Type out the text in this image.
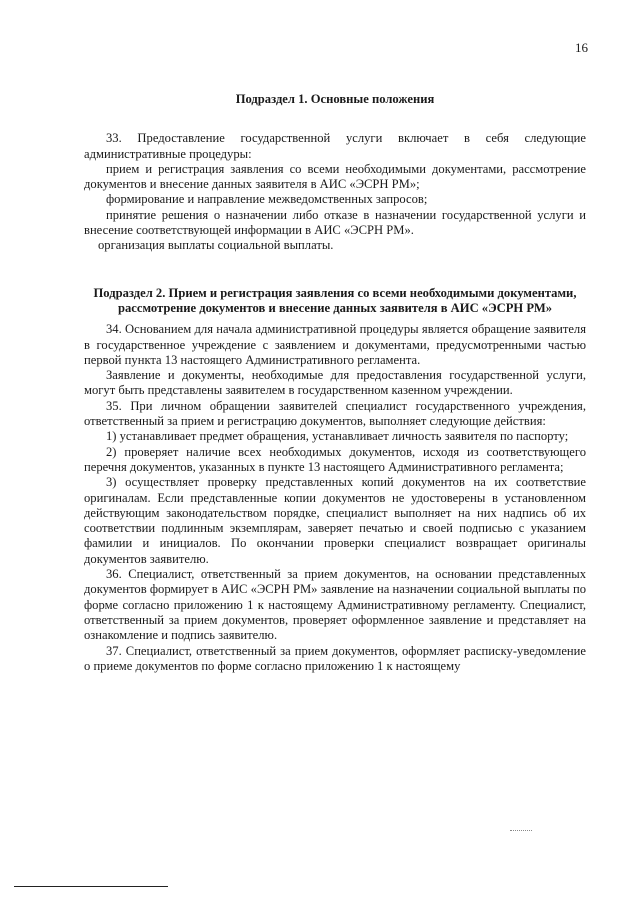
16

Подраздел 1. Основные положения

33. Предоставление государственной услуги включает в себя следующие административные процедуры:

прием и регистрация заявления со всеми необходимыми документами, рассмотрение документов и внесение данных заявителя в АИС «ЭСРН РМ»;

формирование и направление межведомственных запросов;

принятие решения о назначении либо отказе в назначении государственной услуги и внесение соответствующей информации в АИС «ЭСРН РМ».

организация выплаты социальной выплаты.

Подраздел 2. Прием и регистрация заявления со всеми необходимыми документами, рассмотрение документов и внесение данных заявителя в АИС «ЭСРН РМ»

34. Основанием для начала административной процедуры является обращение заявителя в государственное учреждение с заявлением и документами, предусмотренными частью первой пункта 13 настоящего Административного регламента.

Заявление и документы, необходимые для предоставления государственной услуги, могут быть представлены заявителем в государственном казенном учреждении.

35. При личном обращении заявителей специалист государственного учреждения, ответственный за прием и регистрацию документов, выполняет следующие действия:

1) устанавливает предмет обращения, устанавливает личность заявителя по паспорту;

2) проверяет наличие всех необходимых документов, исходя из соответствующего перечня документов, указанных в пункте 13 настоящего Административного регламента;

3) осуществляет проверку представленных копий документов на их соответствие оригиналам. Если представленные копии документов не удостоверены в установленном действующим законодательством порядке, специалист выполняет на них надпись об их соответствии подлинным экземплярам, заверяет печатью и своей подписью с указанием фамилии и инициалов. По окончании проверки специалист возвращает оригиналы документов заявителю.

36. Специалист, ответственный за прием документов, на основании представленных документов формирует в АИС «ЭСРН РМ» заявление на назначении социальной выплаты по форме согласно приложению 1 к настоящему Административному регламенту. Специалист, ответственный за прием документов, проверяет оформленное заявление и представляет на ознакомление и подпись заявителю.

37. Специалист, ответственный за прием документов, оформляет расписку-уведомление о приеме документов по форме согласно приложению 1 к настоящему
